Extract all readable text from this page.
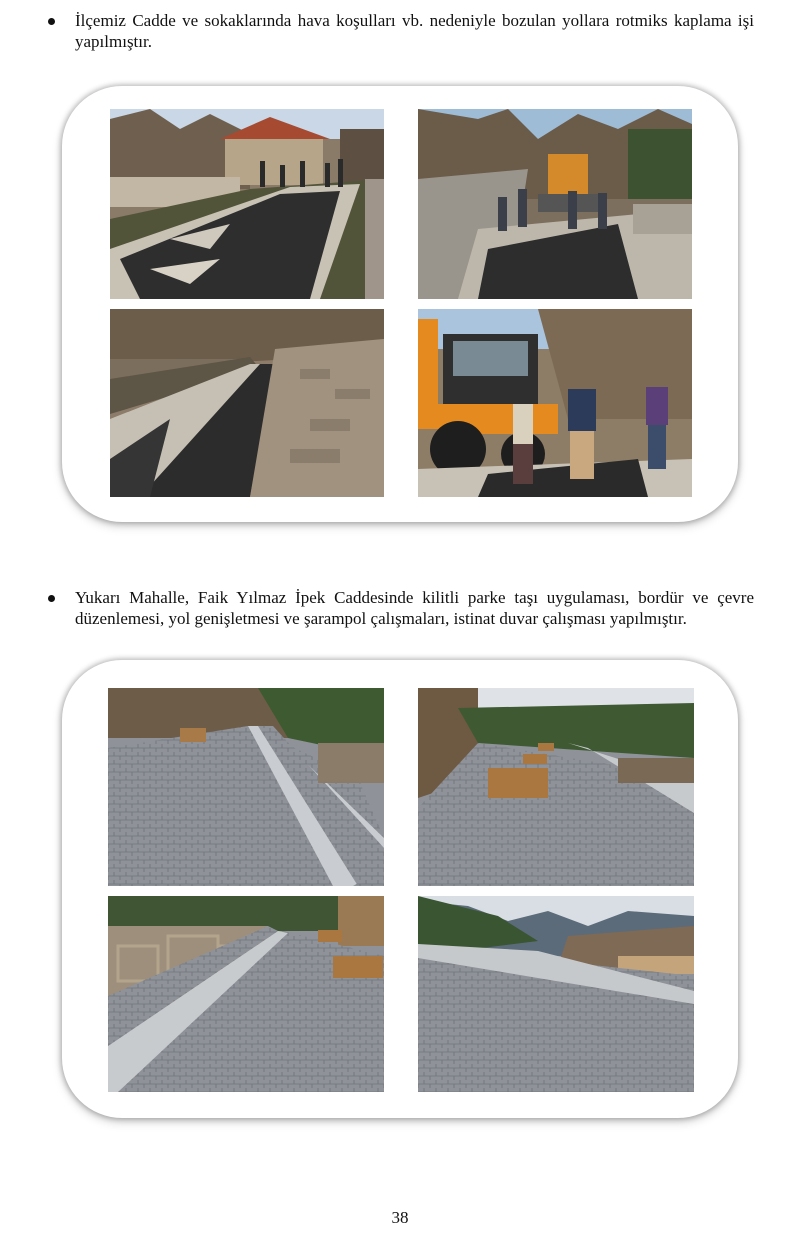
İlçemiz Cadde ve sokaklarında hava koşulları vb. nedeniyle bozulan yollara rotmiks kaplama işi yapılmıştır.

Yukarı Mahalle, Faik Yılmaz İpek Caddesinde kilitli parke taşı uygulaması, bordür ve çevre düzenlemesi, yol genişletmesi ve şarampol çalışmaları, istinat duvar çalışması yapılmıştır.

38
